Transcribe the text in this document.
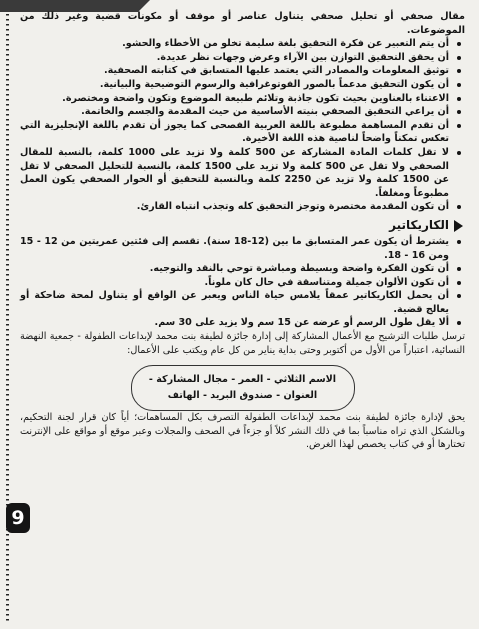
9

مقال صحفي أو تحليل صحفي يتناول عناصر أو موقف أو مكونات قضية وغير ذلك من الموضوعات.

أن يتم التعبير عن فكرة التحقيق بلغة سليمة تخلو من الأخطاء والحشو.
أن يحقق التحقيق التوازن بين الآراء وعرض وجهات نظر عديدة.
توثيق المعلومات والمصادر التي يعتمد عليها المتسابق في كتابته الصحفية.
أن يكون التحقيق مدعماً بالصور الفوتوغرافية والرسوم التوضيحية والبيانية.
الاعتناء بالعناوين بحيث تكون جاذبة وتلائم طبيعة الموضوع وتكون واضحة ومختصرة.
أن يراعي التحقيق الصحفي بنيته الأساسية من حيث المقدمة والجسم والخاتمة.
أن تقدم المساهمة مطبوعة باللغة العربية الفصحى كما يجوز أن تقدم باللغة الإنجليزية التي تعكس تمكناً واضحاً لناصية هذه اللغة الأخيرة.
لا تقل كلمات المادة المشاركة عن 500 كلمة ولا تزيد على 1000 كلمة، بالنسبة للمقال الصحفي ولا تقل عن 500 كلمة ولا تزيد على 1500 كلمة، بالنسبة للتحليل الصحفي لا تقل عن 1500 كلمة ولا تزيد عن 2250 كلمة وبالنسبة للتحقيق أو الحوار الصحفي يكون العمل مطبوعاً ومغلفاً.
أن تكون المقدمة مختصرة وتوجز التحقيق كله وتجذب انتباه القارئ.
الكاريكاتير
يشترط أن يكون عمر المتسابق ما بين (12-18 سنة). تقسم إلى فئتين عمريتين من 12 - 15 ومن 16 - 18.
أن تكون الفكرة واضحة وبسيطة ومباشرة توحي بالنقد والتوجيه.
أن تكون الألوان جميلة ومتناسقة في حال كان ملوناً.
أن يحمل الكاريكاتير عمقاً يلامس حياة الناس ويعبر عن الواقع أو يتناول لمحة ضاحكة أو يعالج قضية.
ألا يقل طول الرسم أو عرضه عن 15 سم ولا يزيد على 30 سم.

ترسل طلبات الترشيح مع الأعمال المشاركة إلى إدارة جائزة لطيفة بنت محمد لإبداعات الطفولة - جمعية النهضة النسائية، اعتباراً من الأول من أكتوبر وحتى بداية يناير من كل عام ويكتب على الأعمال:

الاسم الثلاثي - العمر - مجال المشاركة -
العنوان - صندوق البريد - الهاتف

يحق لإدارة جائزة لطيفة بنت محمد لإبداعات الطفولة التصرف بكل المساهمات؛ أياً كان قرار لجنة التحكيم، وبالشكل الذي تراه مناسباً بما في ذلك النشر كلاً أو جزءاً في الصحف والمجلات وعبر موقع أو مواقع على الإنترنت تختارها أو في كتاب يخصص لهذا الغرض.
